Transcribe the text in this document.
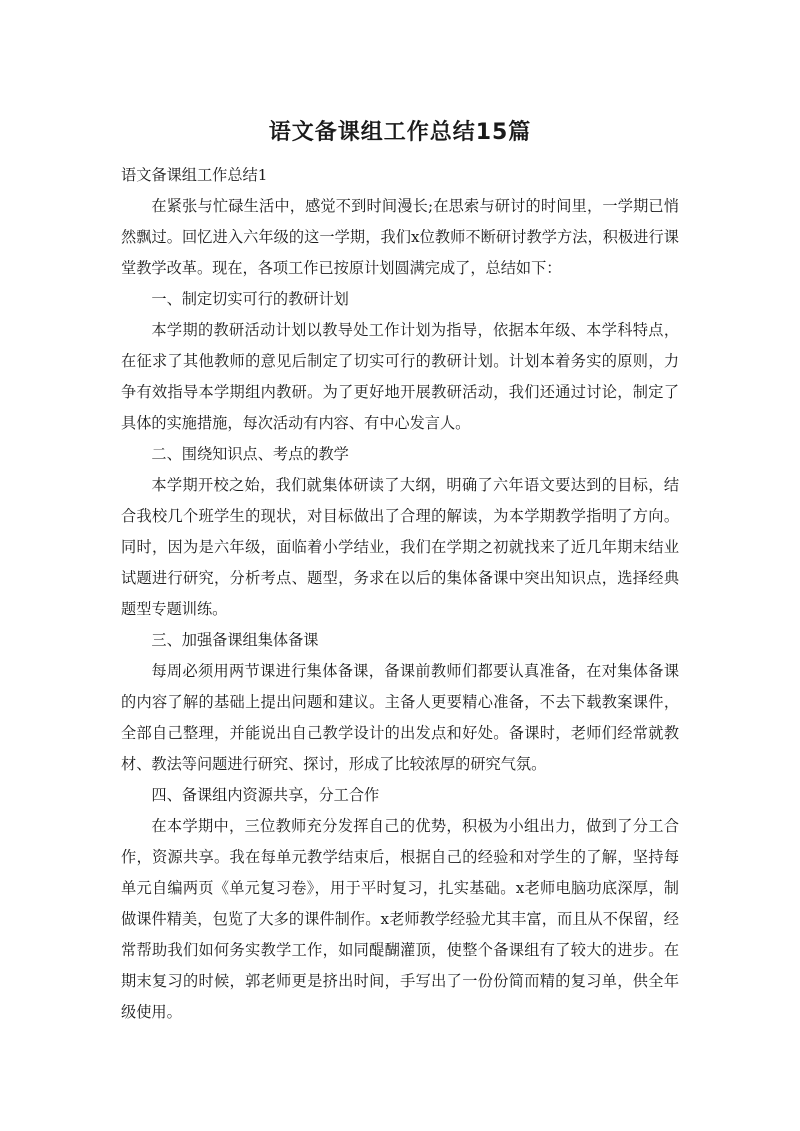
语文备课组工作总结15篇

语文备课组工作总结1

在紧张与忙碌生活中，感觉不到时间漫长;在思索与研讨的时间里，一学期已悄然飘过。回忆进入六年级的这一学期，我们x位教师不断研讨教学方法，积极进行课堂教学改革。现在，各项工作已按原计划圆满完成了，总结如下：

一、制定切实可行的教研计划

本学期的教研活动计划以教导处工作计划为指导，依据本年级、本学科特点，在征求了其他教师的意见后制定了切实可行的教研计划。计划本着务实的原则，力争有效指导本学期组内教研。为了更好地开展教研活动，我们还通过讨论，制定了具体的实施措施，每次活动有内容、有中心发言人。

二、围绕知识点、考点的教学

本学期开校之始，我们就集体研读了大纲，明确了六年语文要达到的目标，结合我校几个班学生的现状，对目标做出了合理的解读，为本学期教学指明了方向。同时，因为是六年级，面临着小学结业，我们在学期之初就找来了近几年期末结业试题进行研究，分析考点、题型，务求在以后的集体备课中突出知识点，选择经典题型专题训练。

三、加强备课组集体备课

每周必须用两节课进行集体备课，备课前教师们都要认真准备，在对集体备课的内容了解的基础上提出问题和建议。主备人更要精心准备，不去下载教案课件，全部自己整理，并能说出自己教学设计的出发点和好处。备课时，老师们经常就教材、教法等问题进行研究、探讨，形成了比较浓厚的研究气氛。

四、备课组内资源共享，分工合作

在本学期中，三位教师充分发挥自己的优势，积极为小组出力，做到了分工合作，资源共享。我在每单元教学结束后，根据自己的经验和对学生的了解，坚持每单元自编两页《单元复习卷》，用于平时复习，扎实基础。x老师电脑功底深厚，制做课件精美，包览了大多的课件制作。x老师教学经验尤其丰富，而且从不保留，经常帮助我们如何务实教学工作，如同醍醐灌顶，使整个备课组有了较大的进步。在期末复习的时候，郭老师更是挤出时间，手写出了一份份简而精的复习单，供全年级使用。
